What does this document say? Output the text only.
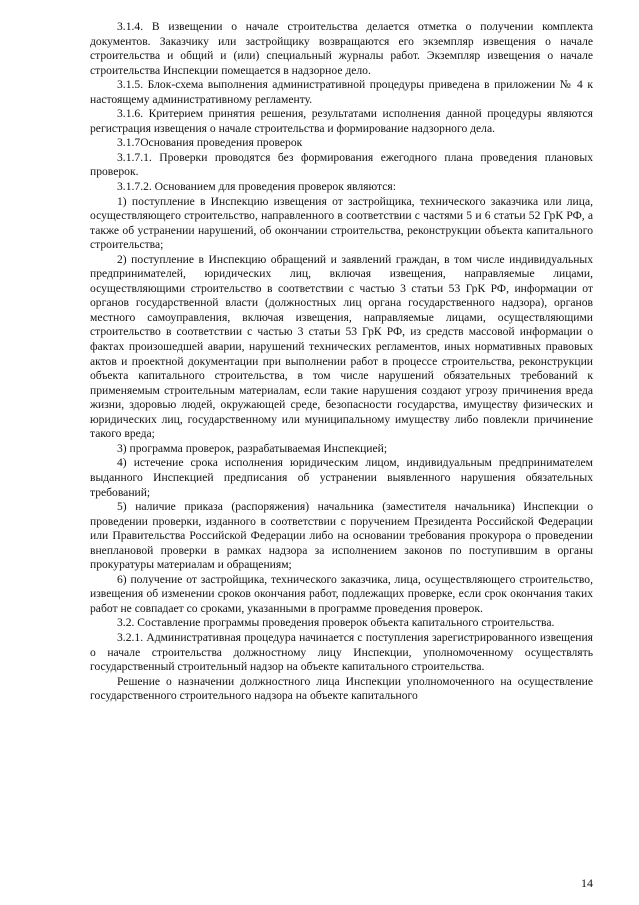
3.1.4. В извещении о начале строительства делается отметка о получении комплекта документов. Заказчику или застройщику возвращаются его экземпляр извещения о начале строительства и общий и (или) специальный журналы работ. Экземпляр извещения о начале строительства Инспекции помещается в надзорное дело.

3.1.5. Блок-схема выполнения административной процедуры приведена в приложении № 4 к настоящему административному регламенту.

3.1.6. Критерием принятия решения, результатами исполнения данной процедуры являются регистрация извещения о начале строительства и формирование надзорного дела.

3.1.7Основания проведения проверок

3.1.7.1. Проверки проводятся без формирования ежегодного плана проведения плановых проверок.

3.1.7.2. Основанием для проведения проверок являются:

1) поступление в Инспекцию извещения от застройщика, технического заказчика или лица, осуществляющего строительство, направленного в соответствии с частями 5 и 6 статьи 52 ГрК РФ, а также об устранении нарушений, об окончании строительства, реконструкции объекта капитального строительства;

2) поступление в Инспекцию обращений и заявлений граждан, в том числе индивидуальных предпринимателей, юридических лиц, включая извещения, направляемые лицами, осуществляющими строительство в соответствии с частью 3 статьи 53 ГрК РФ, информации от органов государственной власти (должностных лиц органа государственного надзора), органов местного самоуправления, включая извещения, направляемые лицами, осуществляющими строительство в соответствии с частью 3 статьи 53 ГрК РФ, из средств массовой информации о фактах произошедшей аварии, нарушений технических регламентов, иных нормативных правовых актов и проектной документации при выполнении работ в процессе строительства, реконструкции объекта капитального строительства, в том числе нарушений обязательных требований к применяемым строительным материалам, если такие нарушения создают угрозу причинения вреда жизни, здоровью людей, окружающей среде, безопасности государства, имуществу физических и юридических лиц, государственному или муниципальному имуществу либо повлекли причинение такого вреда;

3) программа проверок, разрабатываемая Инспекцией;

4) истечение срока исполнения юридическим лицом, индивидуальным предпринимателем выданного Инспекцией предписания об устранении выявленного нарушения обязательных требований;

5) наличие приказа (распоряжения) начальника (заместителя начальника) Инспекции о проведении проверки, изданного в соответствии с поручением Президента Российской Федерации или Правительства Российской Федерации либо на основании требования прокурора о проведении внеплановой проверки в рамках надзора за исполнением законов по поступившим в органы прокуратуры материалам и обращениям;

6) получение от застройщика, технического заказчика, лица, осуществляющего строительство, извещения об изменении сроков окончания работ, подлежащих проверке, если срок окончания таких работ не совпадает со сроками, указанными в программе проведения проверок.

3.2. Составление программы проведения проверок объекта капитального строительства.

3.2.1. Административная процедура начинается с поступления зарегистрированного извещения о начале строительства должностному лицу Инспекции, уполномоченному осуществлять государственный строительный надзор на объекте капитального строительства.

Решение о назначении должностного лица Инспекции уполномоченного на осуществление государственного строительного надзора на объекте капитального

14
